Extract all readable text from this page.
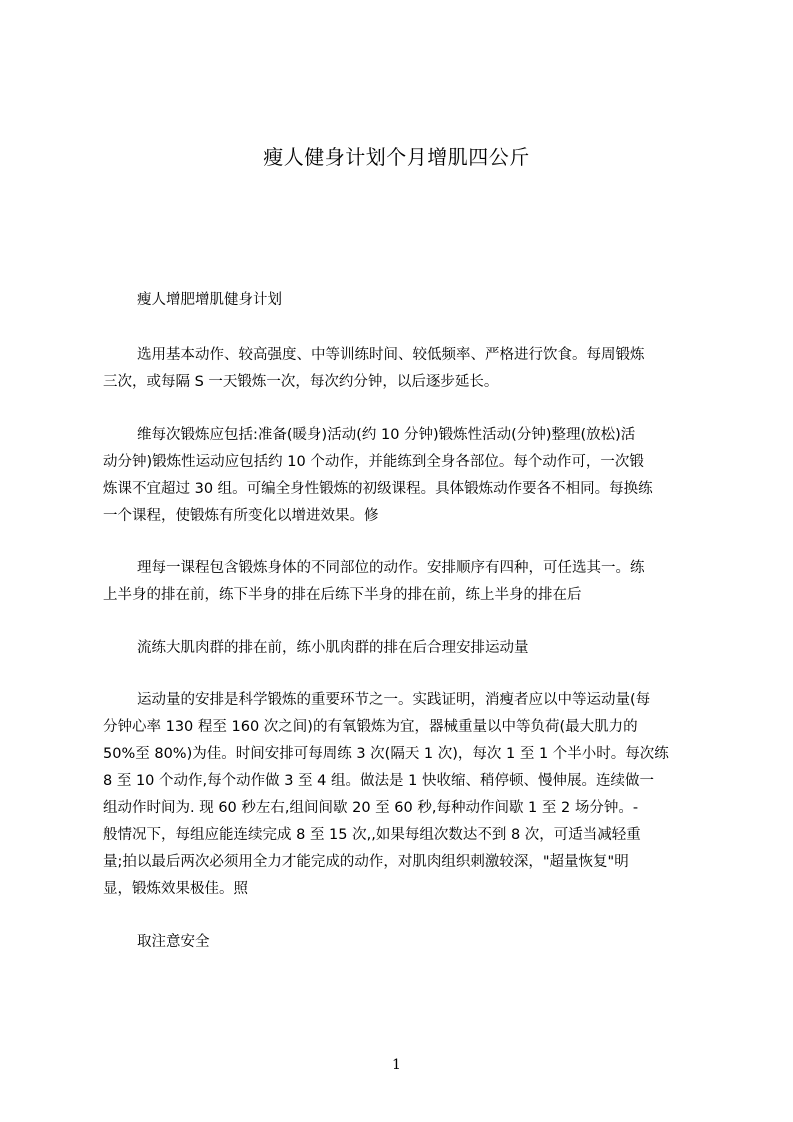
瘦人健身计划个月增肌四公斤

瘦人增肥增肌健身计划

选用基本动作、较高强度、中等训练时间、较低频率、严格进行饮食。每周锻炼

三次，或每隔 S 一天锻炼一次，每次约分钟，以后逐步延长。

维每次锻炼应包括:准备(暖身)活动(约 10 分钟)锻炼性活动(分钟)整理(放松)活

动分钟)锻炼性运动应包括约 10 个动作，并能练到全身各部位。每个动作可，一次锻

炼课不宜超过 30 组。可编全身性锻炼的初级课程。具体锻炼动作要各不相同。每换练

一个课程，使锻炼有所变化以增进效果。修

理每一课程包含锻炼身体的不同部位的动作。安排顺序有四种，可任选其一。练

上半身的排在前，练下半身的排在后练下半身的排在前，练上半身的排在后

流练大肌肉群的排在前，练小肌肉群的排在后合理安排运动量

运动量的安排是科学锻炼的重要环节之一。实践证明，消瘦者应以中等运动量(每

分钟心率 130 程至 160 次之间)的有氧锻炼为宜，器械重量以中等负荷(最大肌力的

50%至 80%)为佳。时间安排可每周练 3 次(隔天 1 次)，每次 1 至 1 个半小时。每次练

8 至 10 个动作,每个动作做 3 至 4 组。做法是 1 快收缩、稍停顿、慢伸展。连续做一

组动作时间为. 现 60 秒左右,组间间歇 20 至 60 秒,每种动作间歇 1 至 2 场分钟。-

般情况下，每组应能连续完成 8 至 15 次,,如果每组次数达不到 8 次，可适当减轻重

量;拍以最后两次必须用全力才能完成的动作，对肌肉组织刺激较深，"超量恢复"明

显，锻炼效果极佳。照

取注意安全

1
